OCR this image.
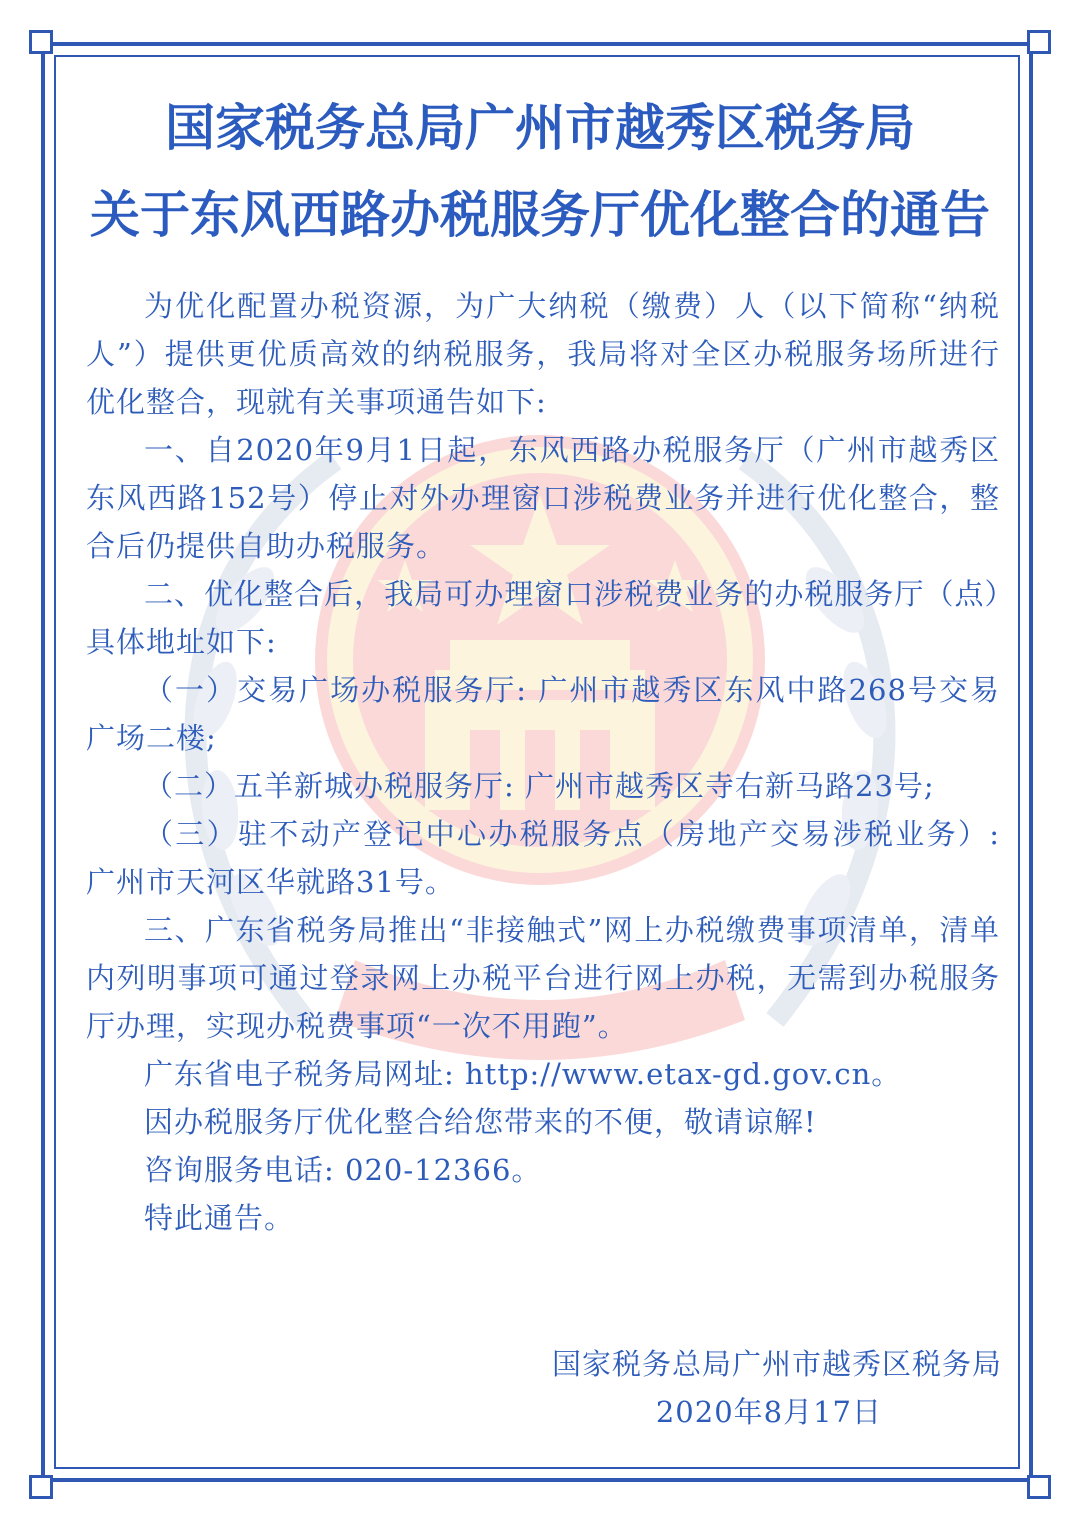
国家税务总局广州市越秀区税务局
关于东风西路办税服务厅优化整合的通告

为优化配置办税资源，为广大纳税（缴费）人（以下简称“纳税人”）提供更优质高效的纳税服务，我局将对全区办税服务场所进行优化整合，现就有关事项通告如下:

一、自2020年9月1日起，东风西路办税服务厅（广州市越秀区东风西路152号）停止对外办理窗口涉税费业务并进行优化整合，整合后仍提供自助办税服务。

二、优化整合后，我局可办理窗口涉税费业务的办税服务厅（点）具体地址如下:

（一）交易广场办税服务厅: 广州市越秀区东风中路268号交易广场二楼;

（二）五羊新城办税服务厅: 广州市越秀区寺右新马路23号;

（三）驻不动产登记中心办税服务点（房地产交易涉税业务）: 广州市天河区华就路31号。

三、广东省税务局推出“非接触式”网上办税缴费事项清单，清单内列明事项可通过登录网上办税平台进行网上办税，无需到办税服务厅办理，实现办税费事项“一次不用跑”。

广东省电子税务局网址: http://www.etax-gd.gov.cn。

因办税服务厅优化整合给您带来的不便，敬请谅解!

咨询服务电话: 020-12366。

特此通告。

国家税务总局广州市越秀区税务局
2020年8月17日
